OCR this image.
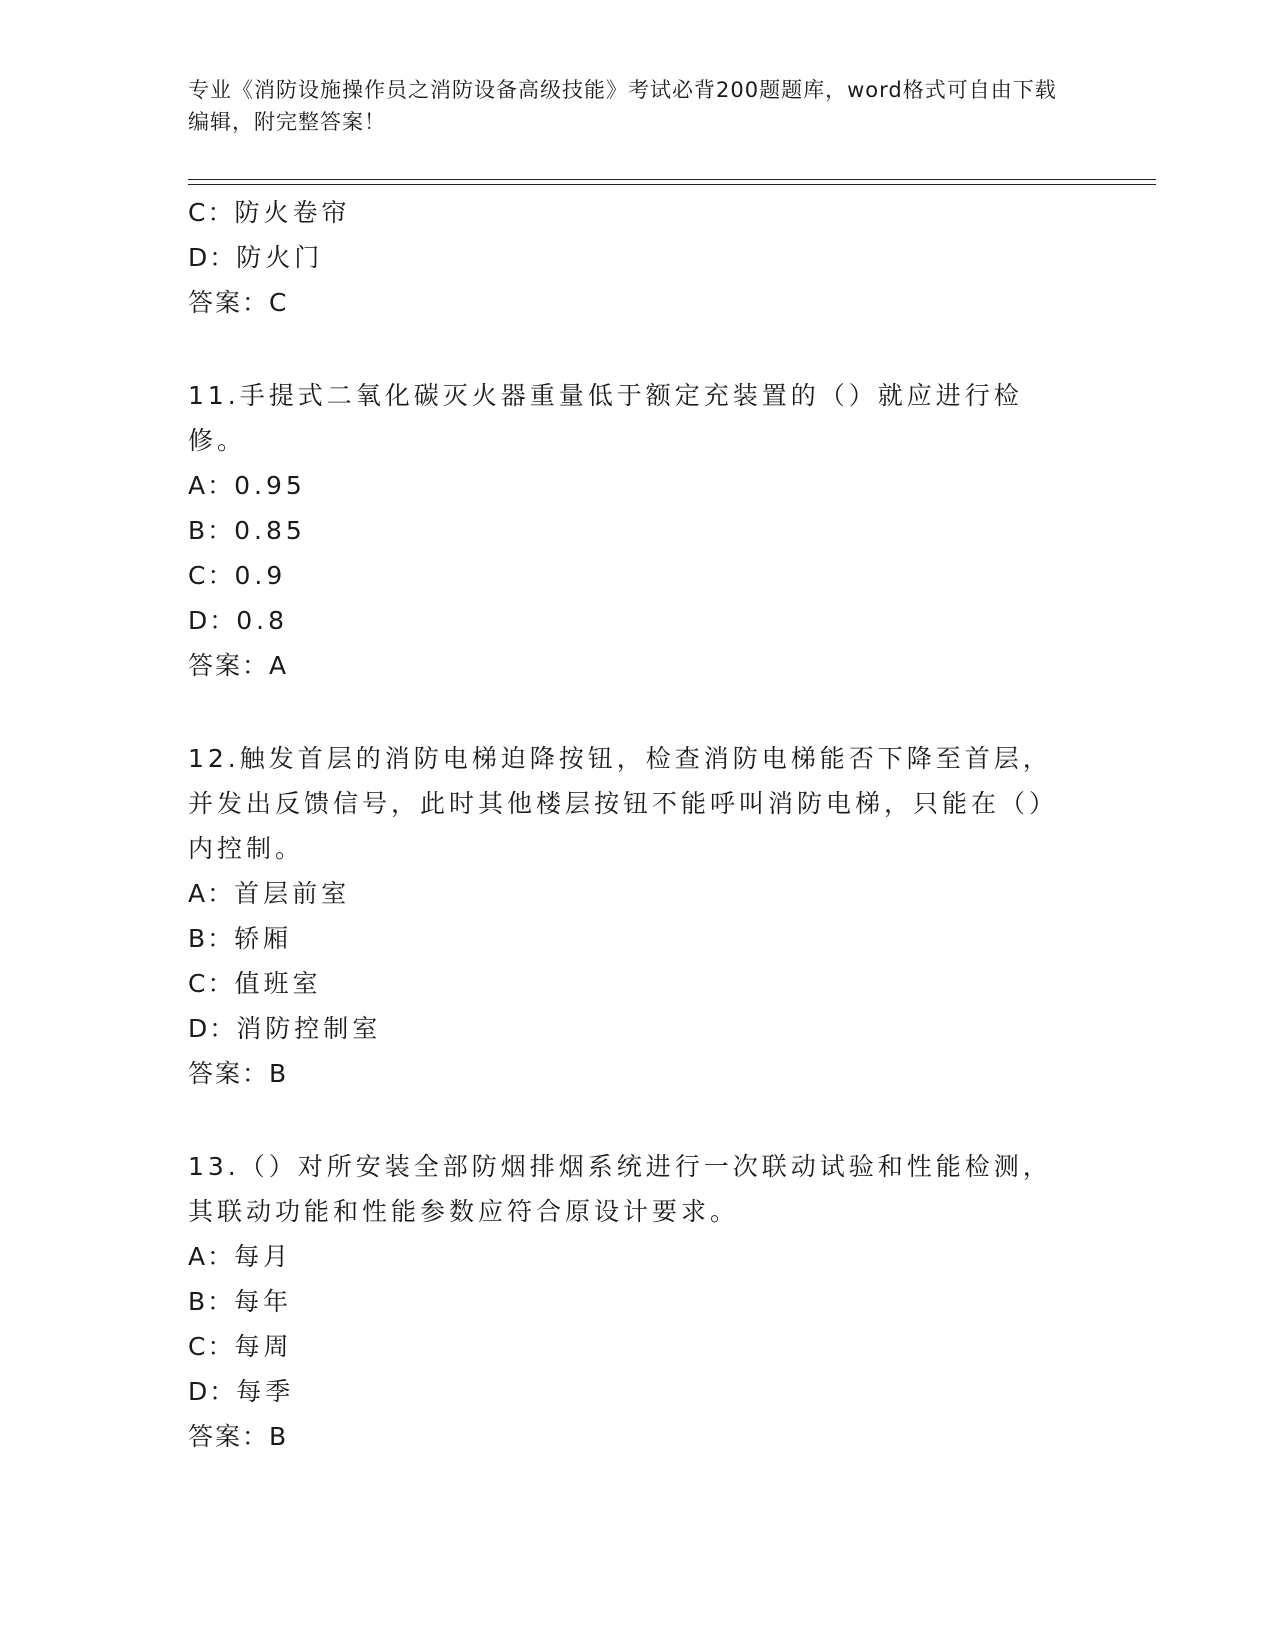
专业《消防设施操作员之消防设备高级技能》考试必背200题题库，word格式可自由下载编辑，附完整答案！
C：防火卷帘
D：防火门
答案：C
11.手提式二氧化碳灭火器重量低于额定充装置的（）就应进行检修。
A：0.95
B：0.85
C：0.9
D：0.8
答案：A
12.触发首层的消防电梯迫降按钮，检查消防电梯能否下降至首层，并发出反馈信号，此时其他楼层按钮不能呼叫消防电梯，只能在（）内控制。
A：首层前室
B：轿厢
C：值班室
D：消防控制室
答案：B
13.（）对所安装全部防烟排烟系统进行一次联动试验和性能检测，其联动功能和性能参数应符合原设计要求。
A：每月
B：每年
C：每周
D：每季
答案：B
